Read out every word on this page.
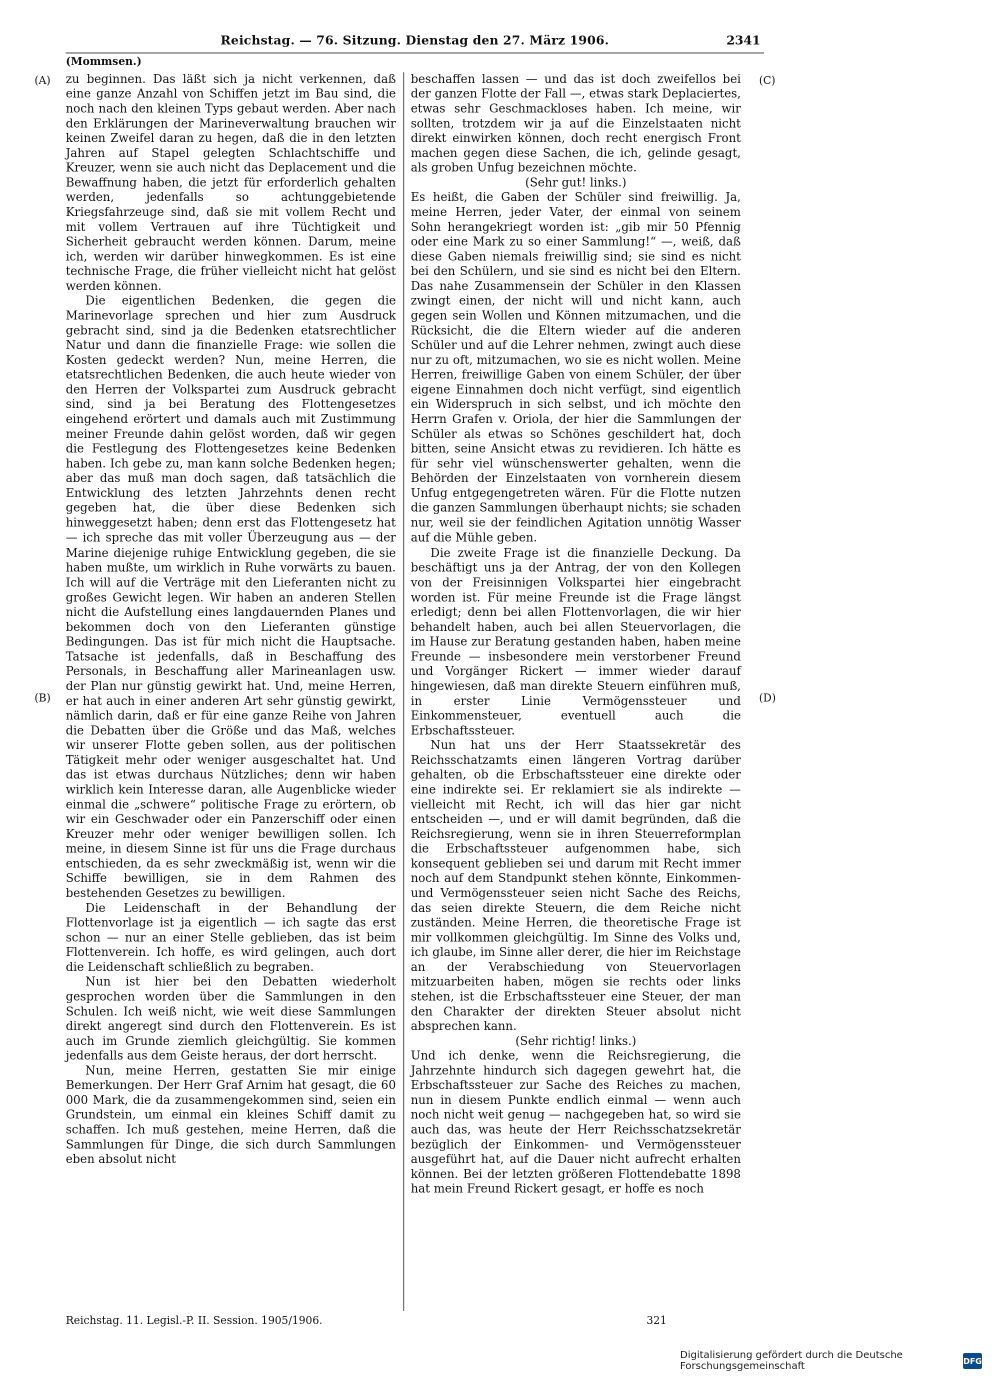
Reichstag. — 76. Sitzung. Dienstag den 27. März 1906.	2341
(Mommsen.)
(A)
(B)
(C)
(D)

zu beginnen. Das läßt sich ja nicht verkennen, daß eine ganze Anzahl von Schiffen jetzt im Bau sind, die noch nach den kleinen Typs gebaut werden. Aber nach den Erklärungen der Marineverwaltung brauchen wir keinen Zweifel daran zu hegen, daß die in den letzten Jahren auf Stapel gelegten Schlachtschiffe und Kreuzer, wenn sie auch nicht das Deplacement und die Bewaffnung haben, die jetzt für erforderlich gehalten werden, jedenfalls so achtunggebietende Kriegsfahrzeuge sind, daß sie mit vollem Recht und mit vollem Vertrauen auf ihre Tüchtigkeit und Sicherheit gebraucht werden können. Darum, meine ich, werden wir darüber hinwegkommen. Es ist eine technische Frage, die früher vielleicht nicht hat gelöst werden können.

Die eigentlichen Bedenken, die gegen die Marinevorlage sprechen und hier zum Ausdruck gebracht sind, sind ja die Bedenken etatsrechtlicher Natur und dann die finanzielle Frage: wie sollen die Kosten gedeckt werden? Nun, meine Herren, die etatsrechtlichen Bedenken, die auch heute wieder von den Herren der Volkspartei zum Ausdruck gebracht sind, sind ja bei Beratung des Flottengesetzes eingehend erörtert und damals auch mit Zustimmung meiner Freunde dahin gelöst worden, daß wir gegen die Festlegung des Flottengesetzes keine Bedenken haben. Ich gebe zu, man kann solche Bedenken hegen; aber das muß man doch sagen, daß tatsächlich die Entwicklung des letzten Jahrzehnts denen recht gegeben hat, die über diese Bedenken sich hinweggesetzt haben; denn erst das Flottengesetz hat — ich spreche das mit voller Überzeugung aus — der Marine diejenige ruhige Entwicklung gegeben, die sie haben mußte, um wirklich in Ruhe vorwärts zu bauen. Ich will auf die Verträge mit den Lieferanten nicht zu großes Gewicht legen. Wir haben an anderen Stellen nicht die Aufstellung eines langdauernden Planes und bekommen doch von den Lieferanten günstige Bedingungen. Das ist für mich nicht die Hauptsache. Tatsache ist jedenfalls, daß in Beschaffung des Personals, in Beschaffung aller Marineanlagen usw. der Plan nur günstig gewirkt hat. Und, meine Herren, er hat auch in einer anderen Art sehr günstig gewirkt, nämlich darin, daß er für eine ganze Reihe von Jahren die Debatten über die Größe und das Maß, welches wir unserer Flotte geben sollen, aus der politischen Tätigkeit mehr oder weniger ausgeschaltet hat. Und das ist etwas durchaus Nützliches; denn wir haben wirklich kein Interesse daran, alle Augenblicke wieder einmal die „schwere“ politische Frage zu erörtern, ob wir ein Geschwader oder ein Panzerschiff oder einen Kreuzer mehr oder weniger bewilligen sollen. Ich meine, in diesem Sinne ist für uns die Frage durchaus entschieden, da es sehr zweckmäßig ist, wenn wir die Schiffe bewilligen, sie in dem Rahmen des bestehenden Gesetzes zu bewilligen.

Die Leidenschaft in der Behandlung der Flottenvorlage ist ja eigentlich — ich sagte das erst schon — nur an einer Stelle geblieben, das ist beim Flottenverein. Ich hoffe, es wird gelingen, auch dort die Leidenschaft schließlich zu begraben.

Nun ist hier bei den Debatten wiederholt gesprochen worden über die Sammlungen in den Schulen. Ich weiß nicht, wie weit diese Sammlungen direkt angeregt sind durch den Flottenverein. Es ist auch im Grunde ziemlich gleichgültig. Sie kommen jedenfalls aus dem Geiste heraus, der dort herrscht.

Nun, meine Herren, gestatten Sie mir einige Bemerkungen. Der Herr Graf Arnim hat gesagt, die 60 000 Mark, die da zusammengekommen sind, seien ein Grundstein, um einmal ein kleines Schiff damit zu schaffen. Ich muß gestehen, meine Herren, daß die Sammlungen für Dinge, die sich durch Sammlungen eben absolut nicht

beschaffen lassen — und das ist doch zweifellos bei der ganzen Flotte der Fall —, etwas stark Deplaciertes, etwas sehr Geschmackloses haben. Ich meine, wir sollten, trotzdem wir ja auf die Einzelstaaten nicht direkt einwirken können, doch recht energisch Front machen gegen diese Sachen, die ich, gelinde gesagt, als groben Unfug bezeichnen möchte.

(Sehr gut! links.)

Es heißt, die Gaben der Schüler sind freiwillig. Ja, meine Herren, jeder Vater, der einmal von seinem Sohn herangekriegt worden ist: „gib mir 50 Pfennig oder eine Mark zu so einer Sammlung!“ —, weiß, daß diese Gaben niemals freiwillig sind; sie sind es nicht bei den Schülern, und sie sind es nicht bei den Eltern. Das nahe Zusammensein der Schüler in den Klassen zwingt einen, der nicht will und nicht kann, auch gegen sein Wollen und Können mitzumachen, und die Rücksicht, die die Eltern wieder auf die anderen Schüler und auf die Lehrer nehmen, zwingt auch diese nur zu oft, mitzumachen, wo sie es nicht wollen. Meine Herren, freiwillige Gaben von einem Schüler, der über eigene Einnahmen doch nicht verfügt, sind eigentlich ein Widerspruch in sich selbst, und ich möchte den Herrn Grafen v. Oriola, der hier die Sammlungen der Schüler als etwas so Schönes geschildert hat, doch bitten, seine Ansicht etwas zu revidieren. Ich hätte es für sehr viel wünschenswerter gehalten, wenn die Behörden der Einzelstaaten von vornherein diesem Unfug entgegengetreten wären. Für die Flotte nutzen die ganzen Sammlungen überhaupt nichts; sie schaden nur, weil sie der feindlichen Agitation unnötig Wasser auf die Mühle geben.

Die zweite Frage ist die finanzielle Deckung. Da beschäftigt uns ja der Antrag, der von den Kollegen von der Freisinnigen Volkspartei hier eingebracht worden ist. Für meine Freunde ist die Frage längst erledigt; denn bei allen Flottenvorlagen, die wir hier behandelt haben, auch bei allen Steuervorlagen, die im Hause zur Beratung gestanden haben, haben meine Freunde — insbesondere mein verstorbener Freund und Vorgänger Rickert — immer wieder darauf hingewiesen, daß man direkte Steuern einführen muß, in erster Linie Vermögenssteuer und Einkommensteuer, eventuell auch die Erbschaftssteuer.

Nun hat uns der Herr Staatssekretär des Reichsschatzamts einen längeren Vortrag darüber gehalten, ob die Erbschaftssteuer eine direkte oder eine indirekte sei. Er reklamiert sie als indirekte — vielleicht mit Recht, ich will das hier gar nicht entscheiden —, und er will damit begründen, daß die Reichsregierung, wenn sie in ihren Steuerreformplan die Erbschaftssteuer aufgenommen habe, sich konsequent geblieben sei und darum mit Recht immer noch auf dem Standpunkt stehen könnte, Einkommen- und Vermögenssteuer seien nicht Sache des Reichs, das seien direkte Steuern, die dem Reiche nicht zuständen. Meine Herren, die theoretische Frage ist mir vollkommen gleichgültig. Im Sinne des Volks und, ich glaube, im Sinne aller derer, die hier im Reichstage an der Verabschiedung von Steuervorlagen mitzuarbeiten haben, mögen sie rechts oder links stehen, ist die Erbschaftssteuer eine Steuer, der man den Charakter der direkten Steuer absolut nicht absprechen kann.

(Sehr richtig! links.)

Und ich denke, wenn die Reichsregierung, die Jahrzehnte hindurch sich dagegen gewehrt hat, die Erbschaftssteuer zur Sache des Reiches zu machen, nun in diesem Punkte endlich einmal — wenn auch noch nicht weit genug — nachgegeben hat, so wird sie auch das, was heute der Herr Reichsschatzsekretär bezüglich der Einkommen- und Vermögenssteuer ausgeführt hat, auf die Dauer nicht aufrecht erhalten können. Bei der letzten größeren Flottendebatte 1898 hat mein Freund Rickert gesagt, er hoffe es noch

Reichstag. 11. Legisl.-P. II. Session. 1905/1906.	321
Digitalisierung gefördert durch die Deutsche Forschungsgemeinschaft	DFG
